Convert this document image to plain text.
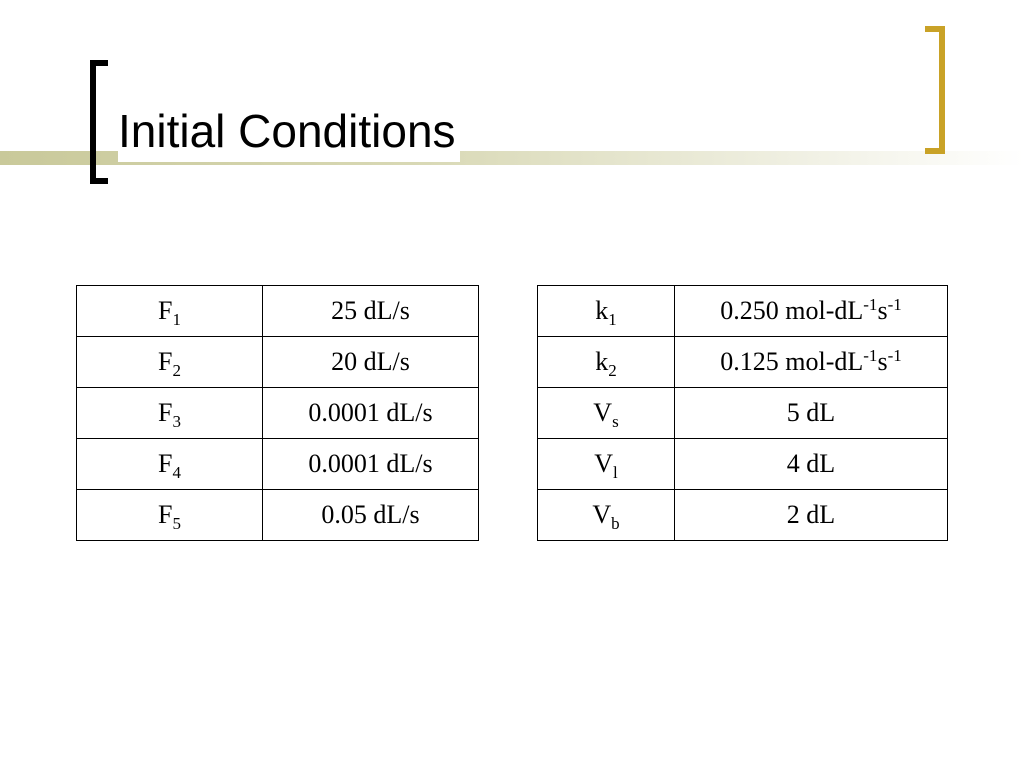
Initial Conditions
$F_1$	25 dL/s
$F_2$	20 dL/s
$F_3$	0.0001 dL/s
$F_4$	0.0001 dL/s
$F_5$	0.05 dL/s
$k_1$	0.250 mol-$dL^{-1}s^{-1}$
$k_2$	0.125 mol-$dL^{-1}s^{-1}$
$V_s$	5 dL
$V_l$	4 dL
$V_b$	2 dL
